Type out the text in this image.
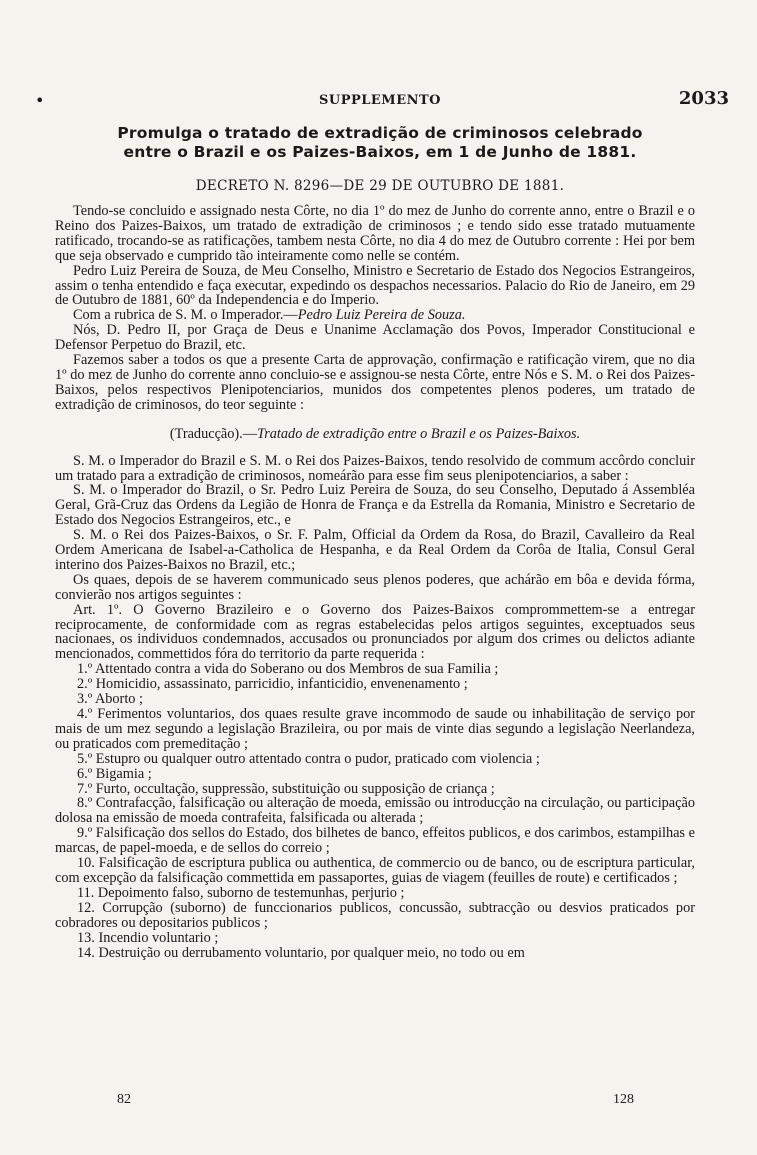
•	SUPPLEMENTO	2033
Promulga o tratado de extradição de criminosos celebrado
entre o Brazil e os Paizes-Baixos, em 1 de Junho de 1881.
DECRETO N. 8296—DE 29 DE OUTUBRO DE 1881.

Tendo-se concluido e assignado nesta Côrte, no dia 1º do mez de Junho do corrente anno, entre o Brazil e o Reino dos Paizes-Baixos, um tratado de extradição de criminosos ; e tendo sido esse tratado mutuamente ratificado, trocando-se as ratificações, tambem nesta Côrte, no dia 4 do mez de Outubro corrente : Hei por bem que seja observado e cumprido tão inteiramente como nelle se contém.

Pedro Luiz Pereira de Souza, de Meu Conselho, Ministro e Secretario de Estado dos Negocios Estrangeiros, assim o tenha entendido e faça executar, expedindo os despachos necessarios. Palacio do Rio de Janeiro, em 29 de Outubro de 1881, 60º da Independencia e do Imperio.

Com a rubrica de S. M. o Imperador.—Pedro Luiz Pereira de Souza.

Nós, D. Pedro II, por Graça de Deus e Unanime Acclamação dos Povos, Imperador Constitucional e Defensor Perpetuo do Brazil, etc.

Fazemos saber a todos os que a presente Carta de approvação, confirmação e ratificação virem, que no dia 1º do mez de Junho do corrente anno concluio-se e assignou-se nesta Côrte, entre Nós e S. M. o Rei dos Paizes-Baixos, pelos respectivos Plenipotenciarios, munidos dos competentes plenos poderes, um tratado de extradição de criminosos, do teor seguinte :

(Traducção).—Tratado de extradição entre o Brazil e os Paizes-Baixos.

S. M. o Imperador do Brazil e S. M. o Rei dos Paizes-Baixos, tendo resolvido de commum accôrdo concluir um tratado para a extradição de criminosos, nomeárão para esse fim seus plenipotenciarios, a saber :

S. M. o Imperador do Brazil, o Sr. Pedro Luiz Pereira de Souza, do seu Conselho, Deputado á Assembléa Geral, Grã-Cruz das Ordens da Legião de Honra de França e da Estrella da Romania, Ministro e Secretario de Estado dos Negocios Estrangeiros, etc., e

S. M. o Rei dos Paizes-Baixos, o Sr. F. Palm, Official da Ordem da Rosa, do Brazil, Cavalleiro da Real Ordem Americana de Isabel-a-Catholica de Hespanha, e da Real Ordem da Corôa de Italia, Consul Geral interino dos Paizes-Baixos no Brazil, etc.;

Os quaes, depois de se haverem communicado seus plenos poderes, que achárão em bôa e devida fórma, convierão nos artigos seguintes :

Art. 1º. O Governo Brazileiro e o Governo dos Paizes-Baixos comprommettem-se a entregar reciprocamente, de conformidade com as regras estabelecidas pelos artigos seguintes, exceptuados seus nacionaes, os individuos condemnados, accusados ou pronunciados por algum dos crimes ou delictos adiante mencionados, commettidos fóra do territorio da parte requerida :

1.º Attentado contra a vida do Soberano ou dos Membros de sua Familia ;

2.º Homicidio, assassinato, parricidio, infanticidio, envenenamento ;

3.º Aborto ;

4.º Ferimentos voluntarios, dos quaes resulte grave incommodo de saude ou inhabilitação de serviço por mais de um mez segundo a legislação Brazileira, ou por mais de vinte dias segundo a legislação Neerlandeza, ou praticados com premeditação ;

5.º Estupro ou qualquer outro attentado contra o pudor, praticado com violencia ;

6.º Bigamia ;

7.º Furto, occultação, suppressão, substituição ou supposição de criança ;

8.º Contrafacção, falsificação ou alteração de moeda, emissão ou introducção na circulação, ou participação dolosa na emissão de moeda contrafeita, falsificada ou alterada ;

9.º Falsificação dos sellos do Estado, dos bilhetes de banco, effeitos publicos, e dos carimbos, estampilhas e marcas, de papel-moeda, e de sellos do correio ;

10. Falsificação de escriptura publica ou authentica, de commercio ou de banco, ou de escriptura particular, com excepção da falsificação commettida em passaportes, guias de viagem (feuilles de route) e certificados ;

11. Depoimento falso, suborno de testemunhas, perjurio ;

12. Corrupção (suborno) de funccionarios publicos, concussão, subtracção ou desvios praticados por cobradores ou depositarios publicos ;

13. Incendio voluntario ;

14. Destruição ou derrubamento voluntario, por qualquer meio, no todo ou em

82	128
